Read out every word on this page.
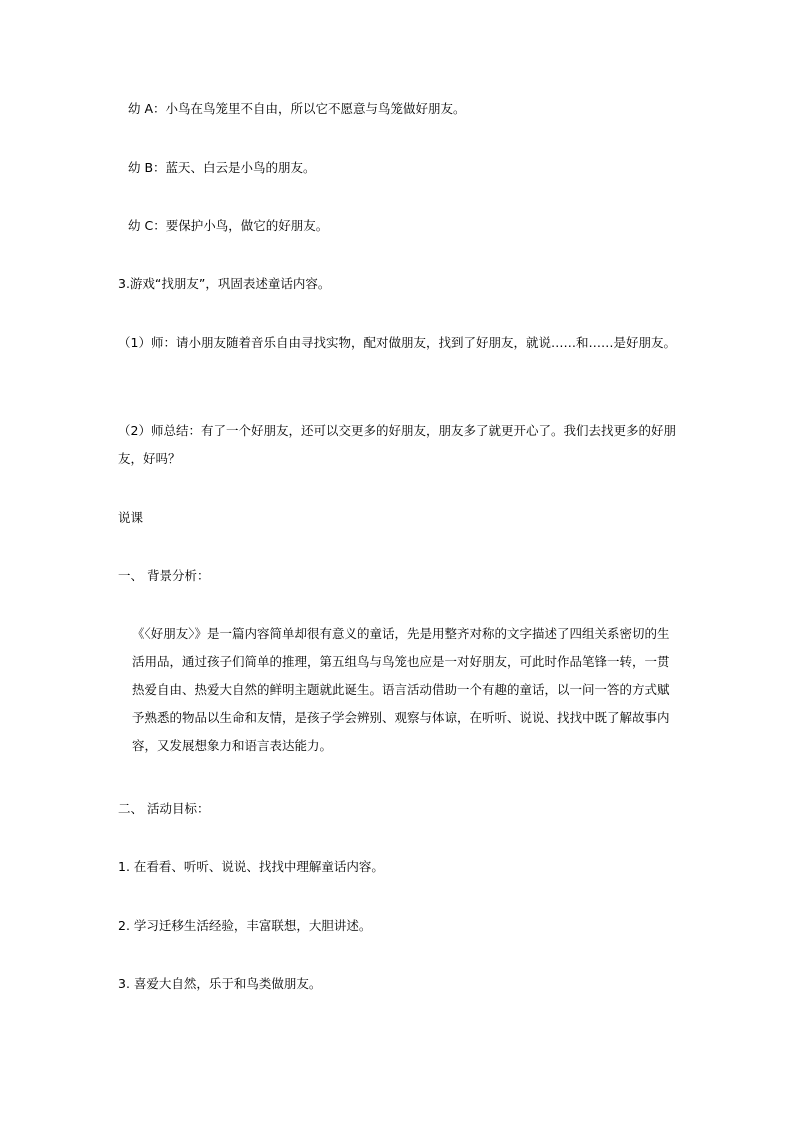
幼 A：小鸟在鸟笼里不自由，所以它不愿意与鸟笼做好朋友。

幼 B：蓝天、白云是小鸟的朋友。

幼 C：要保护小鸟，做它的好朋友。

3.游戏“找朋友”，巩固表述童话内容。

（1）师：请小朋友随着音乐自由寻找实物，配对做朋友，找到了好朋友，就说……和……是好朋友。

（2）师总结：有了一个好朋友，还可以交更多的好朋友，朋友多了就更开心了。我们去找更多的好朋友，好吗？

说课

一、 背景分析：

《〈好朋友〉》是一篇内容简单却很有意义的童话，先是用整齐对称的文字描述了四组关系密切的生活用品，通过孩子们简单的推理，第五组鸟与鸟笼也应是一对好朋友，可此时作品笔锋一转，一贯热爱自由、热爱大自然的鲜明主题就此诞生。语言活动借助一个有趣的童话，以一问一答的方式赋予熟悉的物品以生命和友情，是孩子学会辨别、观察与体谅，在听听、说说、找找中既了解故事内容，又发展想象力和语言表达能力。

二、 活动目标：

1. 在看看、听听、说说、找找中理解童话内容。

2. 学习迁移生活经验，丰富联想，大胆讲述。

3. 喜爱大自然，乐于和鸟类做朋友。
